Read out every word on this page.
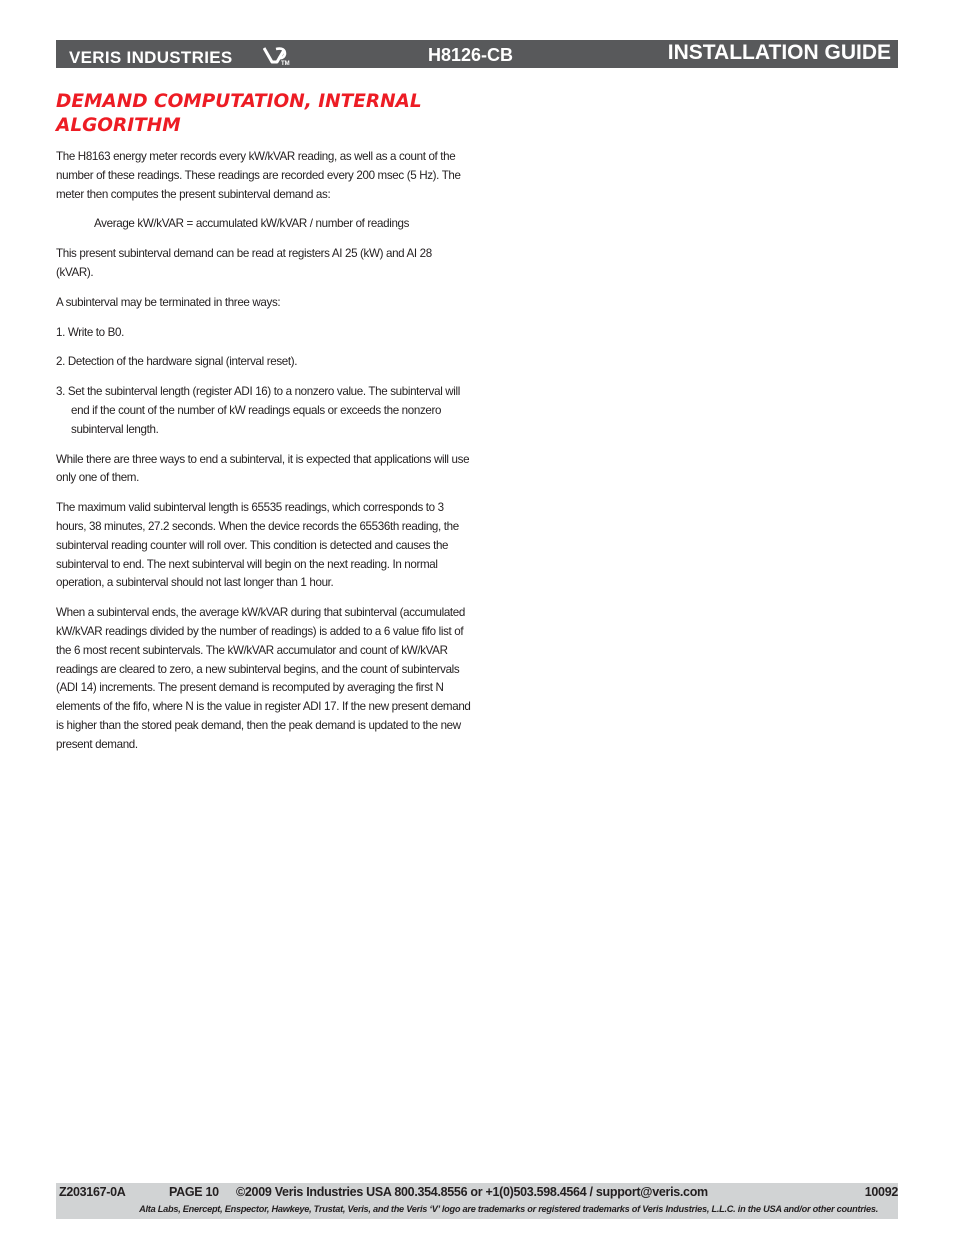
VERIS INDUSTRIES	TM	H8126-CB	INSTALLATION GUIDE
DEMAND COMPUTATION, INTERNAL ALGORITHM

The H8163 energy meter records every kW/kVAR reading, as well as a count of the number of these readings. These readings are recorded every 200 msec (5 Hz). The meter then computes the present subinterval demand as:

Average kW/kVAR = accumulated kW/kVAR / number of readings

This present subinterval demand can be read at registers AI 25 (kW) and AI 28 (kVAR).

A subinterval may be terminated in three ways:

1. Write to B0.

2. Detection of the hardware signal (interval reset).

3. Set the subinterval length (register ADI 16) to a nonzero value. The subinterval will end if the count of the number of kW readings equals or exceeds the nonzero subinterval length.

While there are three ways to end a subinterval, it is expected that applications will use only one of them.

The maximum valid subinterval length is 65535 readings, which corresponds to 3 hours, 38 minutes, 27.2 seconds. When the device records the 65536th reading, the subinterval reading counter will roll over. This condition is detected and causes the subinterval to end. The next subinterval will begin on the next reading. In normal operation, a subinterval should not last longer than 1 hour.

When a subinterval ends, the average kW/kVAR during that subinterval (accumulated kW/kVAR readings divided by the number of readings) is added to a 6 value fifo list of the 6 most recent subintervals. The kW/kVAR accumulator and count of kW/kVAR readings are cleared to zero, a new subinterval begins, and the count of subintervals (ADI 14) increments. The present demand is recomputed by averaging the first N elements of the fifo, where N is the value in register ADI 17. If the new present demand is higher than the stored peak demand, then the peak demand is updated to the new present demand.

Z203167-0A	PAGE 10 ©2009 Veris Industries USA 800.354.8556 or +1(0)503.598.4564 / support@veris.com	10092
Alta Labs, Enercept, Enspector, Hawkeye, Trustat, Veris, and the Veris ‘V’ logo are trademarks or registered trademarks of Veris Industries, L.L.C. in the USA and/or other countries.
